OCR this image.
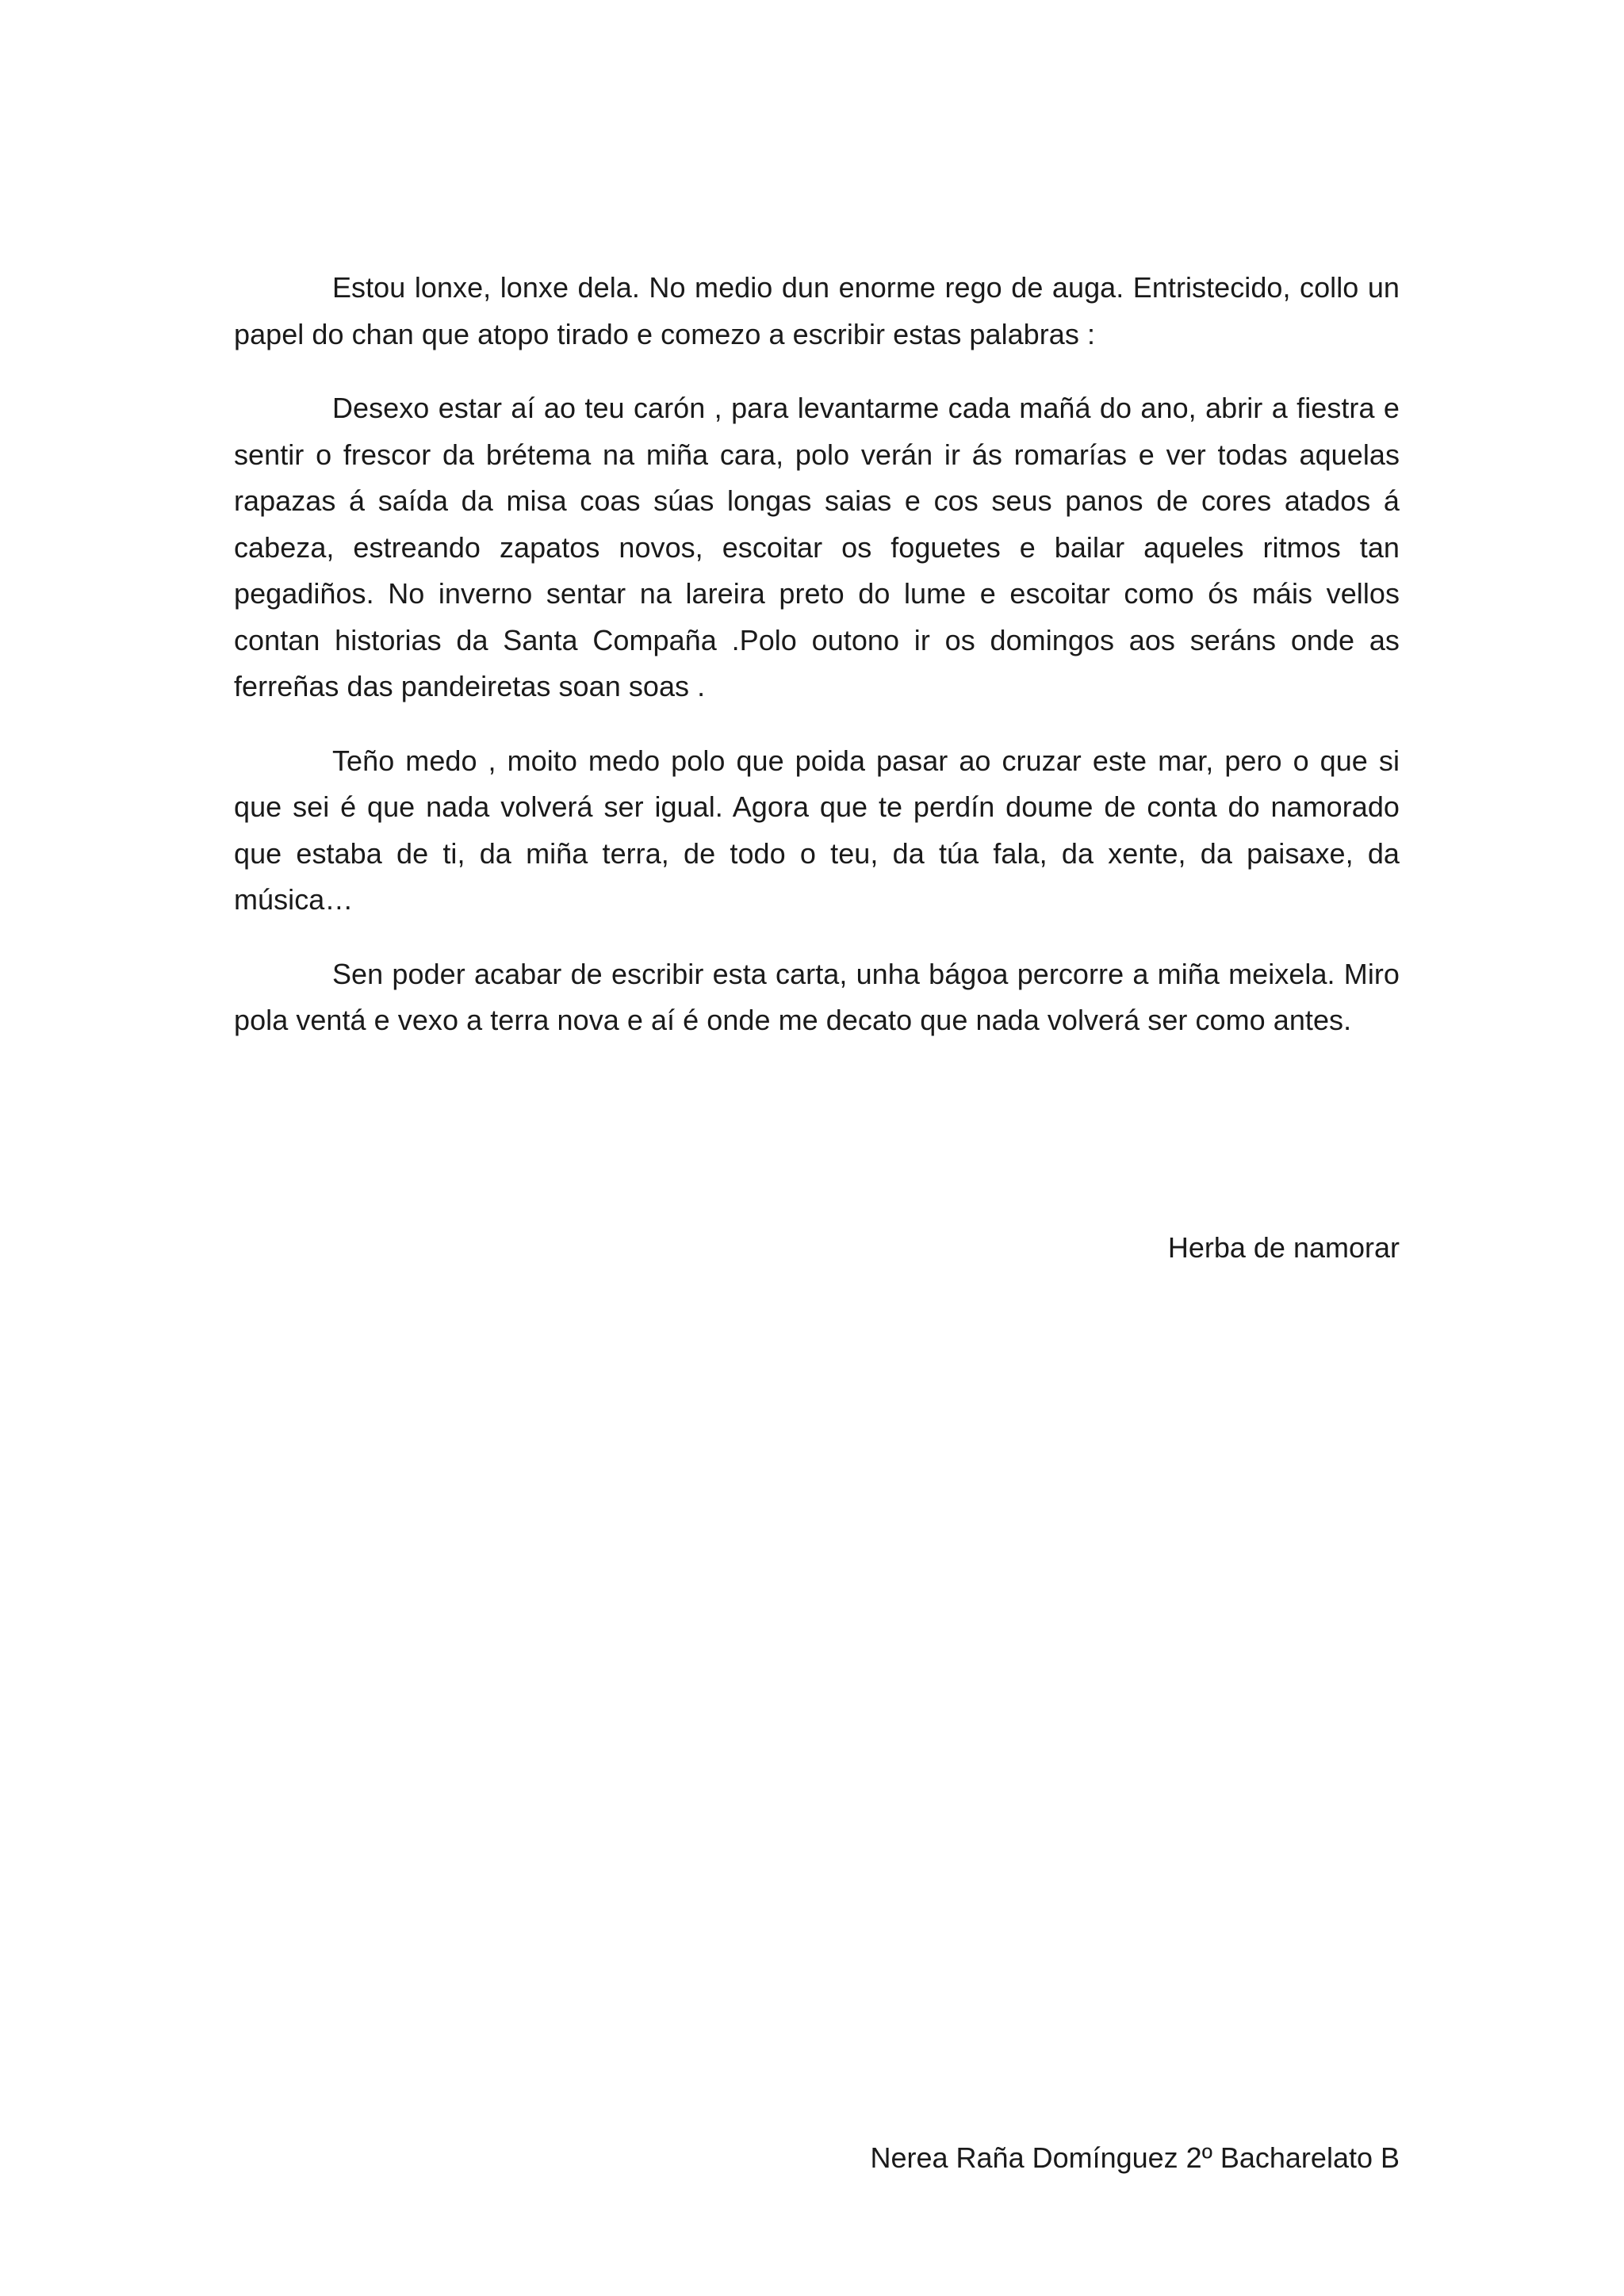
Estou lonxe, lonxe dela. No medio dun enorme rego de auga. Entristecido, collo un papel do chan que atopo tirado e comezo a escribir estas palabras :

Desexo estar aí ao teu carón , para levantarme cada mañá do ano, abrir a fiestra e sentir o frescor da brétema na miña cara, polo verán ir ás romarías e ver todas aquelas rapazas á saída da misa coas súas longas saias e cos seus panos de cores atados á cabeza, estreando zapatos novos, escoitar os foguetes e bailar aqueles ritmos tan pegadiños. No inverno sentar na lareira preto do lume e escoitar como ós máis vellos contan historias da Santa Compaña .Polo outono ir os domingos aos seráns onde as ferreñas das pandeiretas soan soas .

Teño medo , moito medo polo que poida pasar ao cruzar este mar, pero o que si que sei é que nada volverá ser igual. Agora que te perdín doume de conta do namorado que estaba de ti, da miña terra, de todo o teu, da túa fala, da xente, da paisaxe, da música…

Sen poder acabar de escribir esta carta, unha bágoa percorre a miña meixela. Miro pola ventá e vexo a terra nova e aí é onde me decato que nada volverá ser como antes.

Herba de namorar
Nerea Raña Domínguez 2º Bacharelato B
